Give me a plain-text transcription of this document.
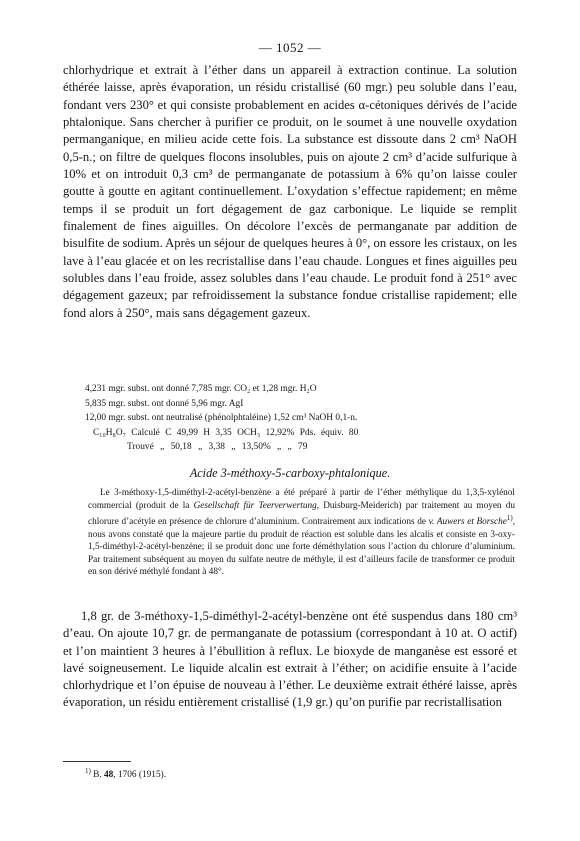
— 1052 —

chlorhydrique et extrait à l’éther dans un appareil à extraction continue. La solution éthérée laisse, après évaporation, un résidu cristallisé (60 mgr.) peu soluble dans l’eau, fondant vers 230° et qui consiste probablement en acides α-cétoniques dérivés de l’acide phtalonique. Sans chercher à purifier ce produit, on le soumet à une nouvelle oxydation permanganique, en milieu acide cette fois. La substance est dissoute dans 2 cm³ NaOH 0,5-n.; on filtre de quelques flocons insolubles, puis on ajoute 2 cm³ d’acide sulfurique à 10% et on introduit 0,3 cm³ de permanganate de potassium à 6% qu’on laisse couler goutte à goutte en agitant continuellement. L’oxydation s’effectue rapidement; en même temps il se produit un fort dégagement de gaz carbonique. Le liquide se remplit finalement de fines aiguilles. On décolore l’excès de permanganate par addition de bisulfite de sodium. Après un séjour de quelques heures à 0°, on essore les cristaux, on les lave à l’eau glacée et on les recristallise dans l’eau chaude. Longues et fines aiguilles peu solubles dans l’eau froide, assez solubles dans l’eau chaude. Le produit fond à 251° avec dégagement gazeux; par refroidissement la substance fondue cristallise rapidement; elle fond alors à 250°, mais sans dégagement gazeux.

4,231 mgr. subst. ont donné 7,785 mgr. CO₂ et 1,28 mgr. H₂O
5,835 mgr. subst. ont donné 5,96 mgr. AgI
12,00 mgr. subst. ont neutralisé (phénolphtaléine) 1,52 cm³ NaOH 0,1-n.
C₁₀H₈O₇ Calculé C 49,99 H 3,35 OCH₃ 12,92% Pds. équiv. 80
Trouvé „ 50,18 „ 3,38 „ 13,50% „ „ 79
Acide 3-méthoxy-5-carboxy-phtalonique.

Le 3-méthoxy-1,5-diméthyl-2-acétyl-benzène a été préparé à partir de l’éther méthylique du 1,3,5-xylénol commercial (produit de la Gesellschaft für Teerverwertung, Duisburg-Meiderich) par traitement au moyen du chlorure d’acétyle en présence de chlorure d’aluminium. Contrairement aux indications de v. Auwers et Borsche$^{1)}$, nous avons constaté que la majeure partie du produit de réaction est soluble dans les alcalis et consiste en 3-oxy-1,5-diméthyl-2-acétyl-benzène; il se produit donc une forte déméthylation sous l’action du chlorure d’aluminium. Par traitement subséquent au moyen du sulfate neutre de méthyle, il est d’ailleurs facile de transformer ce produit en son dérivé méthylé fondant à 48°.

1,8 gr. de 3-méthoxy-1,5-diméthyl-2-acétyl-benzène ont été suspendus dans 180 cm³ d’eau. On ajoute 10,7 gr. de permanganate de potassium (correspondant à 10 at. O actif) et l’on maintient 3 heures à l’ébullition à reflux. Le bioxyde de manganèse est essoré et lavé soigneusement. Le liquide alcalin est extrait à l’éther; on acidifie ensuite à l’acide chlorhydrique et l’on épuise de nouveau à l’éther. Le deuxième extrait éthéré laisse, après évaporation, un résidu entièrement cristallisé (1,9 gr.) qu’on purifie par recristallisation

$^{1)}$ B. 48, 1706 (1915).
